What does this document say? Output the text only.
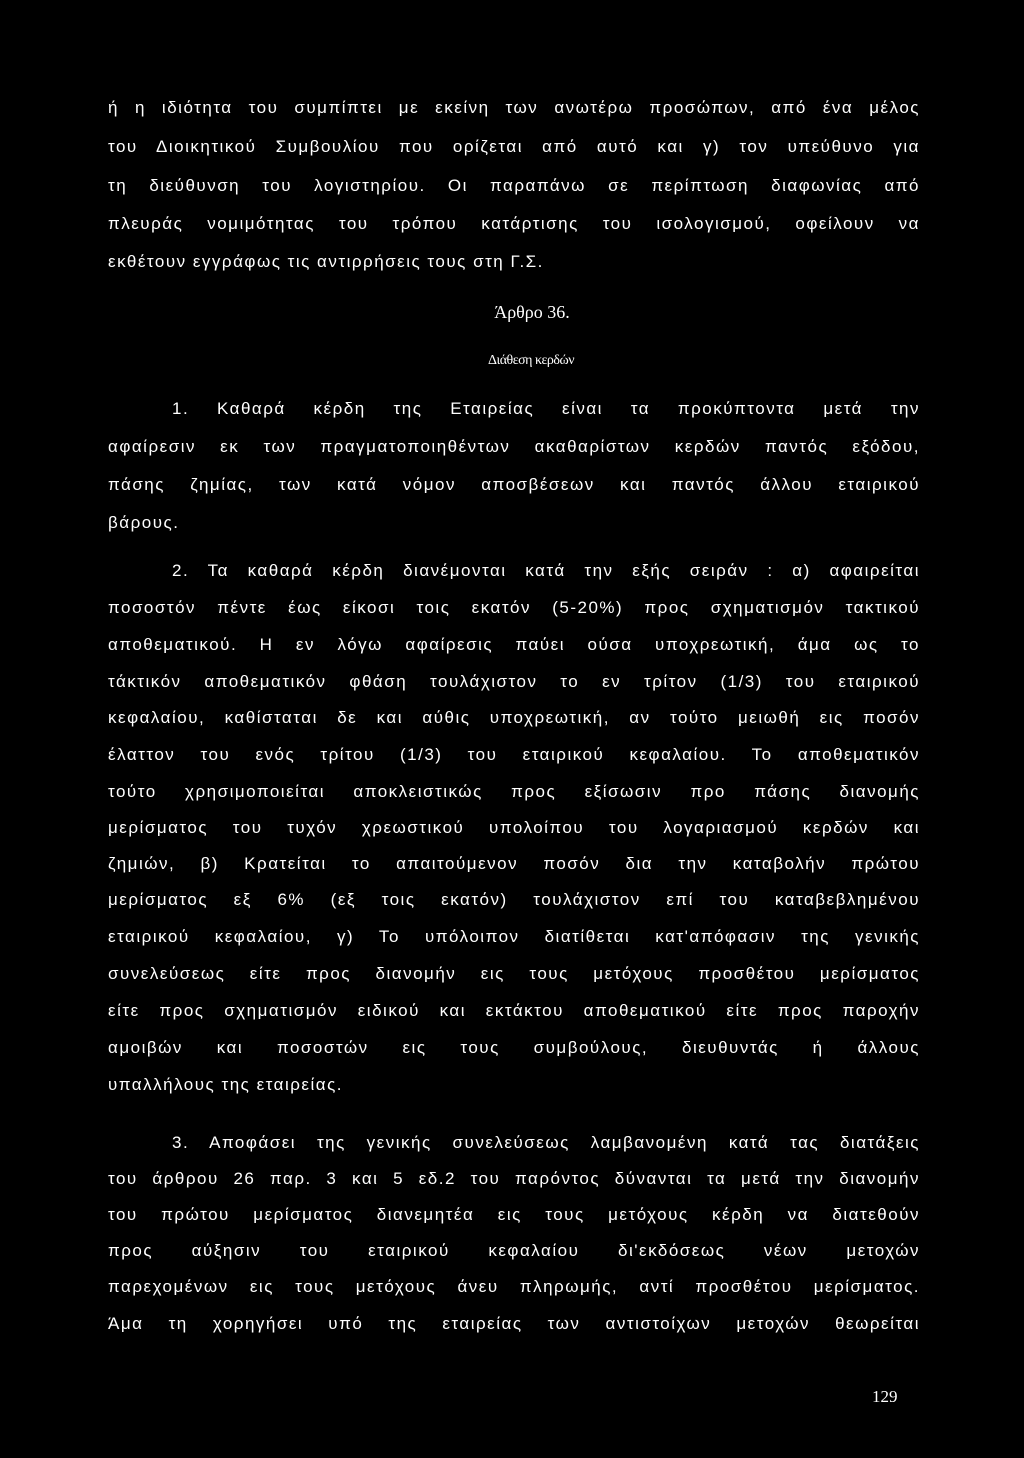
ή η ιδιότητα του συμπίπτει με εκείνη των ανωτέρω προσώπων, από ένα μέλος
του Διοικητικού Συμβουλίου που ορίζεται από αυτό και γ) τον υπεύθυνο για
τη διεύθυνση του λογιστηρίου. Οι παραπάνω σε περίπτωση διαφωνίας από
πλευράς νομιμότητας του τρόπου κατάρτισης του ισολογισμού, οφείλουν να
εκθέτουν εγγράφως τις αντιρρήσεις τους στη Γ.Σ.
Άρθρο 36.
Διάθεση κερδών
1. Καθαρά κέρδη της Εταιρείας είναι τα προκύπτοντα μετά την
αφαίρεσιν εκ των πραγματοποιηθέντων ακαθαρίστων κερδών παντός εξόδου,
πάσης ζημίας, των κατά νόμον αποσβέσεων και παντός άλλου εταιρικού
βάρους.
2. Τα καθαρά κέρδη διανέμονται κατά την εξής σειράν : α) αφαιρείται
ποσοστόν πέντε έως είκοσι τοις εκατόν (5-20%) προς σχηματισμόν τακτικού
αποθεματικού. Η εν λόγω αφαίρεσις παύει ούσα υποχρεωτική, άμα ως το
τάκτικόν αποθεματικόν φθάση τουλάχιστον το εν τρίτον (1/3) του εταιρικού
κεφαλαίου, καθίσταται δε και αύθις υποχρεωτική, αν τούτο μειωθή εις ποσόν
έλαττον του ενός τρίτου (1/3) του εταιρικού κεφαλαίου. Το αποθεματικόν
τούτο χρησιμοποιείται αποκλειστικώς προς εξίσωσιν προ πάσης διανομής
μερίσματος του τυχόν χρεωστικού υπολοίπου του λογαριασμού κερδών και
ζημιών, β) Κρατείται το απαιτούμενον ποσόν δια την καταβολήν πρώτου
μερίσματος εξ 6% (εξ τοις εκατόν) τουλάχιστον επί του καταβεβλημένου
εταιρικού κεφαλαίου, γ) Το υπόλοιπον διατίθεται κατ'απόφασιν της γενικής
συνελεύσεως είτε προς διανομήν εις τους μετόχους προσθέτου μερίσματος
είτε προς σχηματισμόν ειδικού και εκτάκτου αποθεματικού είτε προς παροχήν
αμοιβών και ποσοστών εις τους συμβούλους, διευθυντάς ή άλλους
υπαλλήλους της εταιρείας.
3. Αποφάσει της γενικής συνελεύσεως λαμβανομένη κατά τας διατάξεις
του άρθρου 26 παρ. 3 και 5 εδ.2 του παρόντος δύνανται τα μετά την διανομήν
του πρώτου μερίσματος διανεμητέα εις τους μετόχους κέρδη να διατεθούν
προς αύξησιν του εταιρικού κεφαλαίου δι'εκδόσεως νέων μετοχών
παρεχομένων εις τους μετόχους άνευ πληρωμής, αντί προσθέτου μερίσματος.
Άμα τη χορηγήσει υπό της εταιρείας των αντιστοίχων μετοχών θεωρείται
129
